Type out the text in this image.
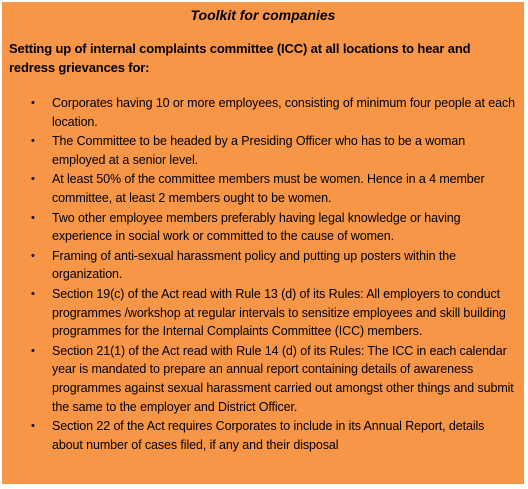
Toolkit for companies
Setting up of internal complaints committee (ICC) at all locations to hear and redress grievances for:
• Corporates having 10 or more employees, consisting of minimum four people at each location.
• The Committee to be headed by a Presiding Officer who has to be a woman employed at a senior level.
• At least 50% of the committee members must be women. Hence in a 4 member committee, at least 2 members ought to be women.
• Two other employee members preferably having legal knowledge or having experience in social work or committed to the cause of women.
• Framing of anti-sexual harassment policy and putting up posters within the organization.
• Section 19(c) of the Act read with Rule 13 (d) of its Rules: All employers to conduct programmes /workshop at regular intervals to sensitize employees and skill building programmes for the Internal Complaints Committee (ICC) members.
• Section 21(1) of the Act read with Rule 14 (d) of its Rules: The ICC in each calendar year is mandated to prepare an annual report containing details of awareness programmes against sexual harassment carried out amongst other things and submit the same to the employer and District Officer.
• Section 22 of the Act requires Corporates to include in its Annual Report, details about number of cases filed, if any and their disposal
